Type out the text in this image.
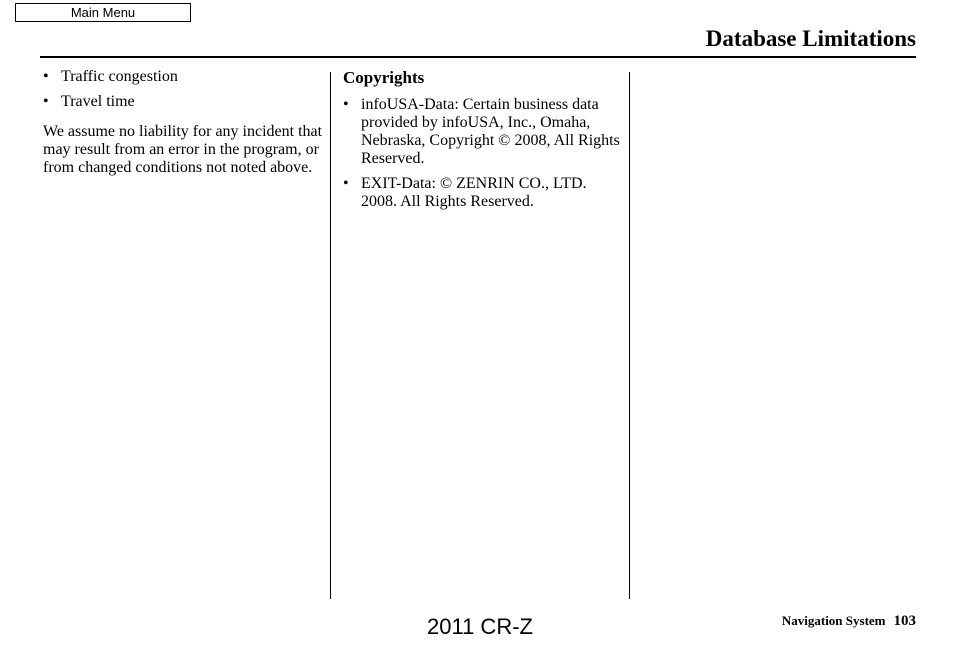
Main Menu
Database Limitations
• Traffic congestion
• Travel time

We assume no liability for any incident that may result from an error in the program, or from changed conditions not noted above.

Copyrights
• infoUSA-Data: Certain business data provided by infoUSA, Inc., Omaha, Nebraska, Copyright © 2008, All Rights Reserved.
• EXIT-Data: © ZENRIN CO., LTD. 2008. All Rights Reserved.
Navigation System 103
2011 CR-Z
